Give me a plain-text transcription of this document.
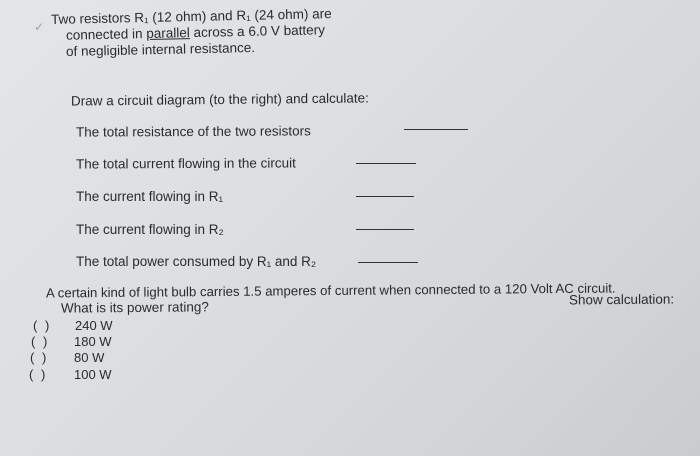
✓
Two resistors R₁ (12 ohm) and R₁ (24 ohm) are
connected in parallel across a 6.0 V battery
of negligible internal resistance.
Draw a circuit diagram (to the right) and calculate:
The total resistance of the two resistors
The total current flowing in the circuit
The current flowing in R₁
The current flowing in R₂
The total power consumed by R₁ and R₂
A certain kind of light bulb carries 1.5 amperes of current when connected to a 120 Volt AC circuit.
What is its power rating?	Show calculation:
( ) 240 W
( ) 180 W
( ) 80 W
( ) 100 W
